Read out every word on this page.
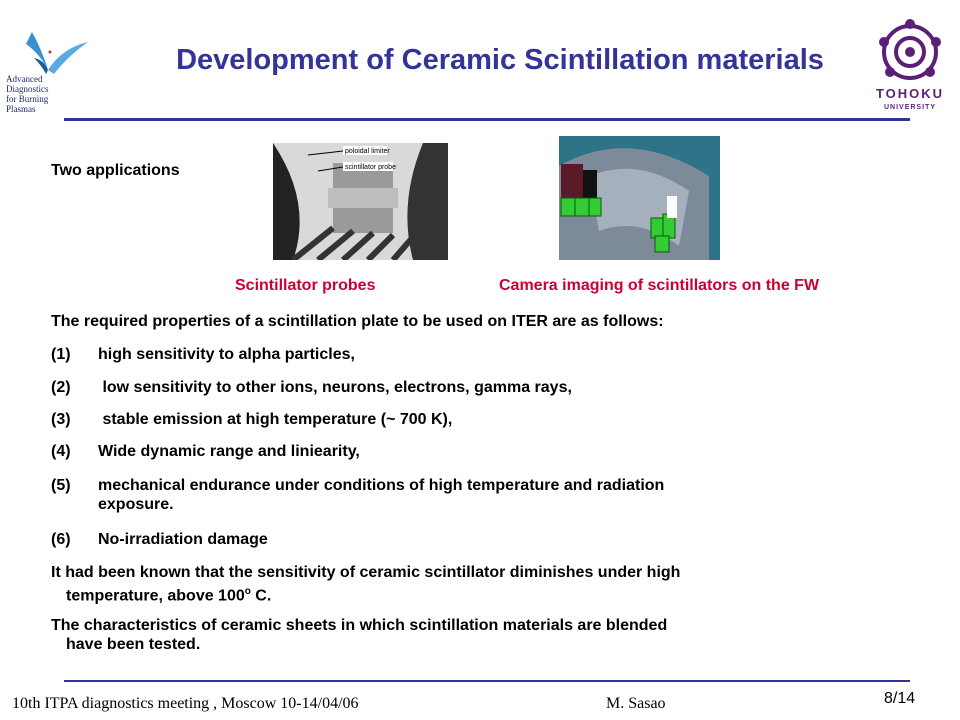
Advanced Diagnostics
for Burning Plasmas
Development of Ceramic Scintillation materials
TOHOKU
UNIVERSITY
Two applications
poloidal limiter
scintillator probe
Scintillator probes	Camera imaging of scintillators on the FW
The required properties of a scintillation plate to be used on ITER are as follows:
(1) high sensitivity to alpha particles,
(2) low sensitivity to other ions, neurons, electrons, gamma rays,
(3) stable emission at high temperature (~ 700 K),
(4) Wide dynamic range and liniearity,
(5) mechanical endurance under conditions of high temperature and radiation
exposure.
(6) No-irradiation damage
It had been known that the sensitivity of ceramic scintillator diminishes under high
temperature, above 100$^o$ C.
The characteristics of ceramic sheets in which scintillation materials are blended
have been tested.
10th ITPA diagnostics meeting , Moscow 10-14/04/06	M. Sasao	8/14
